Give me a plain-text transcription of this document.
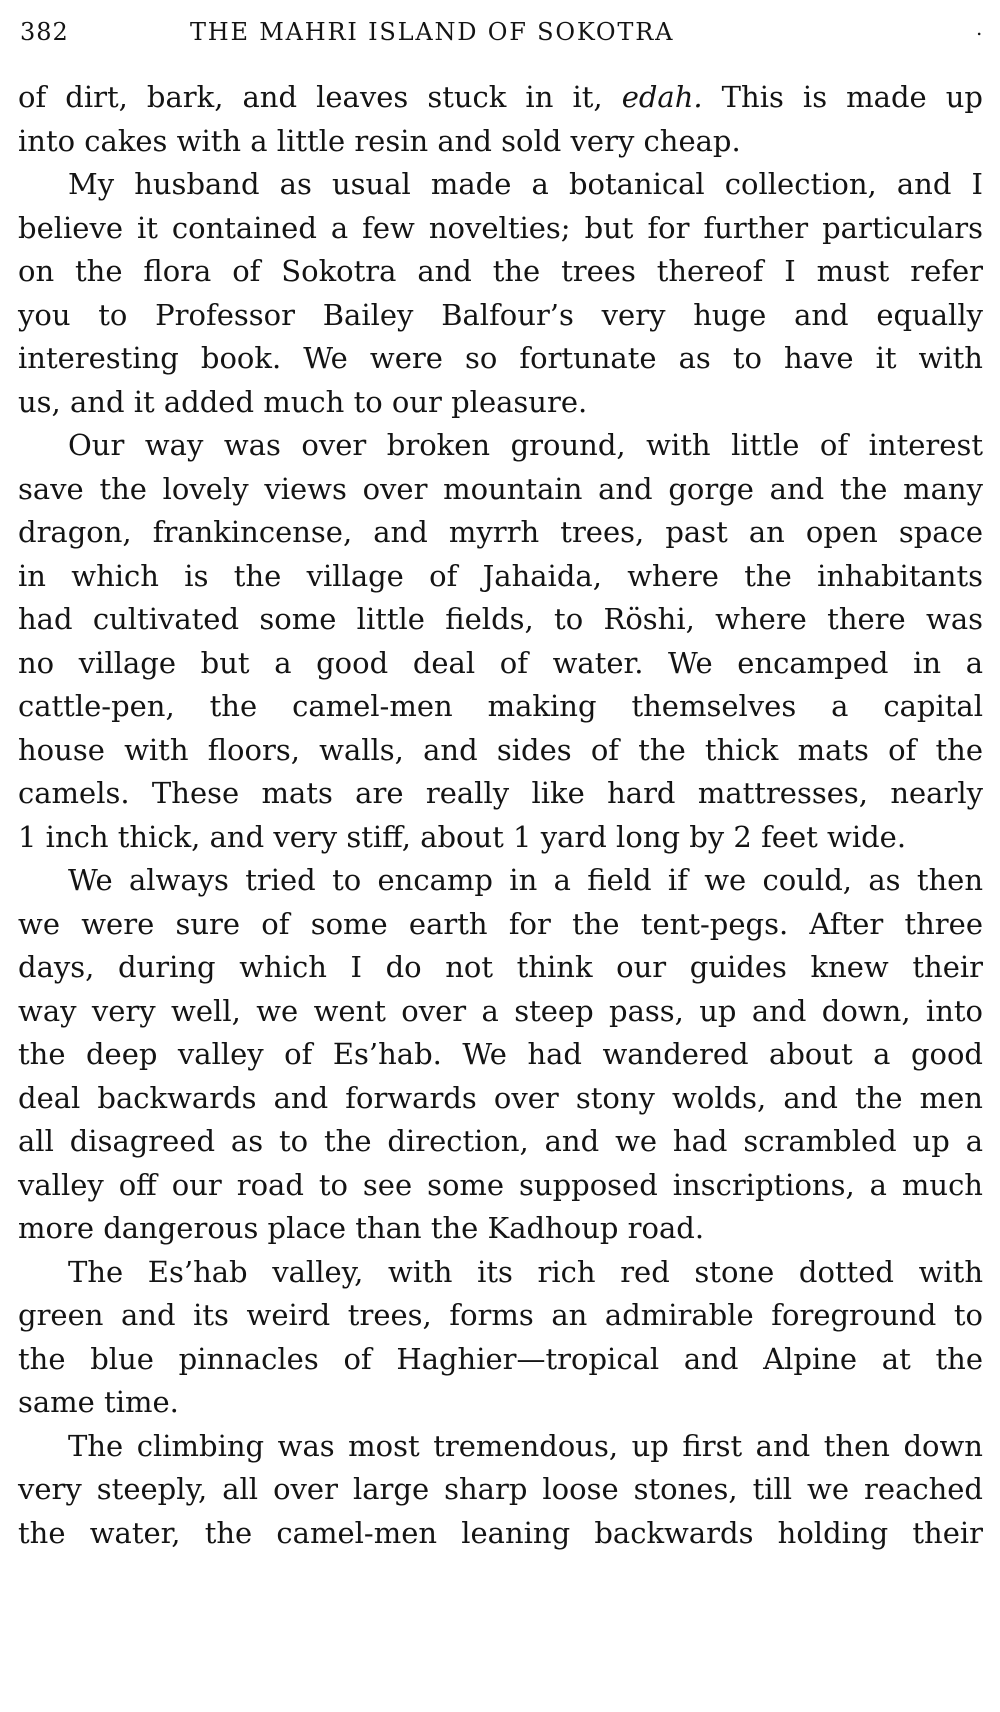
382	THE MAHRI ISLAND OF SOKOTRA	.
of dirt, bark, and leaves stuck in it, edah. This is made up
into cakes with a little resin and sold very cheap.
My husband as usual made a botanical collection, and I
believe it contained a few novelties; but for further particulars
on the flora of Sokotra and the trees thereof I must refer
you to Professor Bailey Balfour’s very huge and equally
interesting book. We were so fortunate as to have it with
us, and it added much to our pleasure.
Our way was over broken ground, with little of interest
save the lovely views over mountain and gorge and the many
dragon, frankincense, and myrrh trees, past an open space
in which is the village of Jahaida, where the inhabitants
had cultivated some little fields, to Röshi, where there was
no village but a good deal of water. We encamped in a
cattle-pen, the camel-men making themselves a capital
house with floors, walls, and sides of the thick mats of the
camels. These mats are really like hard mattresses, nearly
1 inch thick, and very stiff, about 1 yard long by 2 feet wide.
We always tried to encamp in a field if we could, as then
we were sure of some earth for the tent-pegs. After three
days, during which I do not think our guides knew their
way very well, we went over a steep pass, up and down, into
the deep valley of Es’hab. We had wandered about a good
deal backwards and forwards over stony wolds, and the men
all disagreed as to the direction, and we had scrambled up a
valley off our road to see some supposed inscriptions, a much
more dangerous place than the Kadhoup road.
The Es’hab valley, with its rich red stone dotted with
green and its weird trees, forms an admirable foreground to
the blue pinnacles of Haghier—tropical and Alpine at the
same time.
The climbing was most tremendous, up first and then down
very steeply, all over large sharp loose stones, till we reached
the water, the camel-men leaning backwards holding their
